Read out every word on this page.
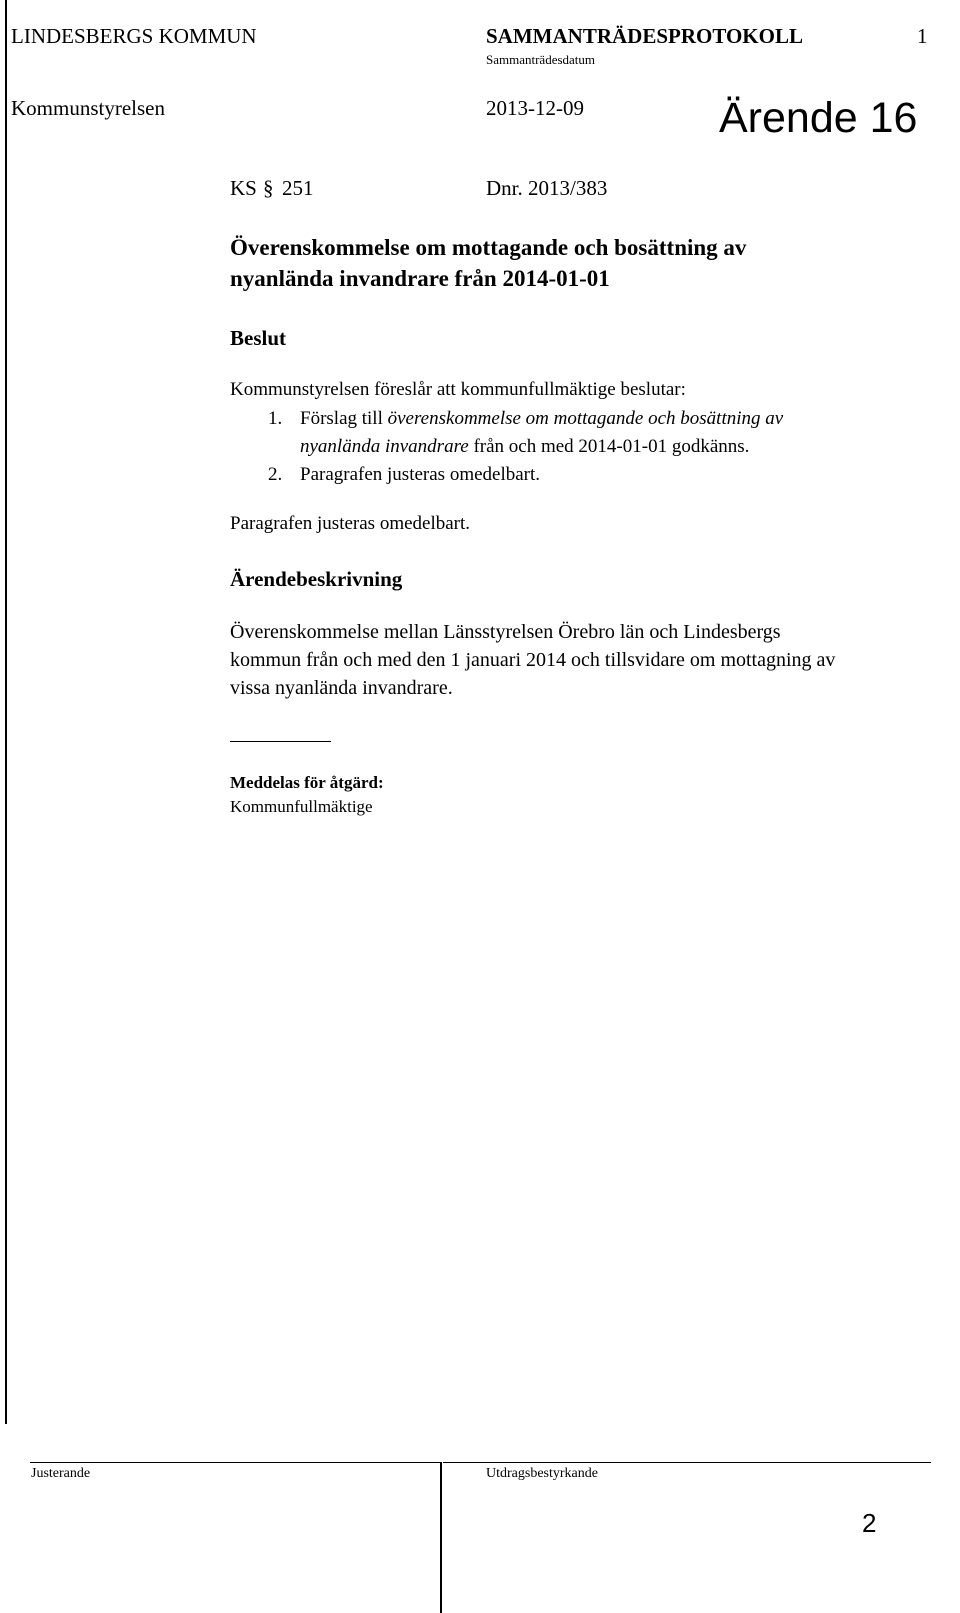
LINDESBERGS KOMMUN	SAMMANTRÄDESPROTOKOLL	1
Sammanträdesdatum
Kommunstyrelsen	2013-12-09	Ärende 16
KS § 251	Dnr. 2013/383
Överenskommelse om mottagande och bosättning av
nyanlända invandrare från 2014-01-01
Beslut
Kommunstyrelsen föreslår att kommunfullmäktige beslutar:
1. Förslag till överenskommelse om mottagande och bosättning av
nyanlända invandrare från och med 2014-01-01 godkänns.
2. Paragrafen justeras omedelbart.
Paragrafen justeras omedelbart.
Ärendebeskrivning
Överenskommelse mellan Länsstyrelsen Örebro län och Lindesbergs
kommun från och med den 1 januari 2014 och tillsvidare om mottagning av
vissa nyanlända invandrare.
Meddelas för åtgärd:
Kommunfullmäktige
Justerande	Utdragsbestyrkande
2
